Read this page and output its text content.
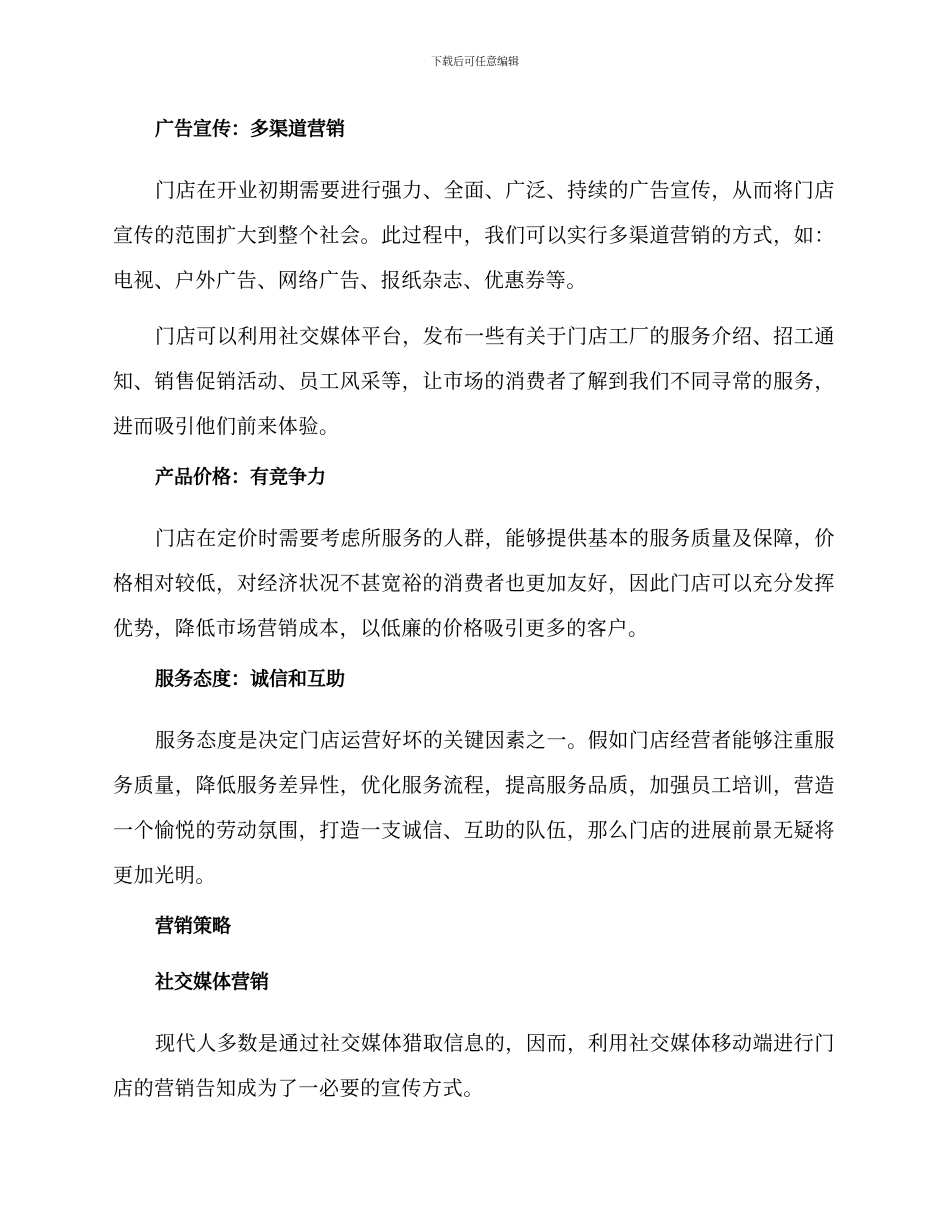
下载后可任意编辑
广告宣传：多渠道营销

门店在开业初期需要进行强力、全面、广泛、持续的广告宣传，从而将门店宣传的范围扩大到整个社会。此过程中，我们可以实行多渠道营销的方式，如：电视、户外广告、网络广告、报纸杂志、优惠券等。

门店可以利用社交媒体平台，发布一些有关于门店工厂的服务介绍、招工通知、销售促销活动、员工风采等，让市场的消费者了解到我们不同寻常的服务，进而吸引他们前来体验。

产品价格：有竞争力

门店在定价时需要考虑所服务的人群，能够提供基本的服务质量及保障，价格相对较低，对经济状况不甚宽裕的消费者也更加友好，因此门店可以充分发挥优势，降低市场营销成本，以低廉的价格吸引更多的客户。

服务态度：诚信和互助

服务态度是决定门店运营好坏的关键因素之一。假如门店经营者能够注重服务质量，降低服务差异性，优化服务流程，提高服务品质，加强员工培训，营造一个愉悦的劳动氛围，打造一支诚信、互助的队伍，那么门店的进展前景无疑将更加光明。

营销策略
社交媒体营销

现代人多数是通过社交媒体猎取信息的，因而，利用社交媒体移动端进行门店的营销告知成为了一必要的宣传方式。
